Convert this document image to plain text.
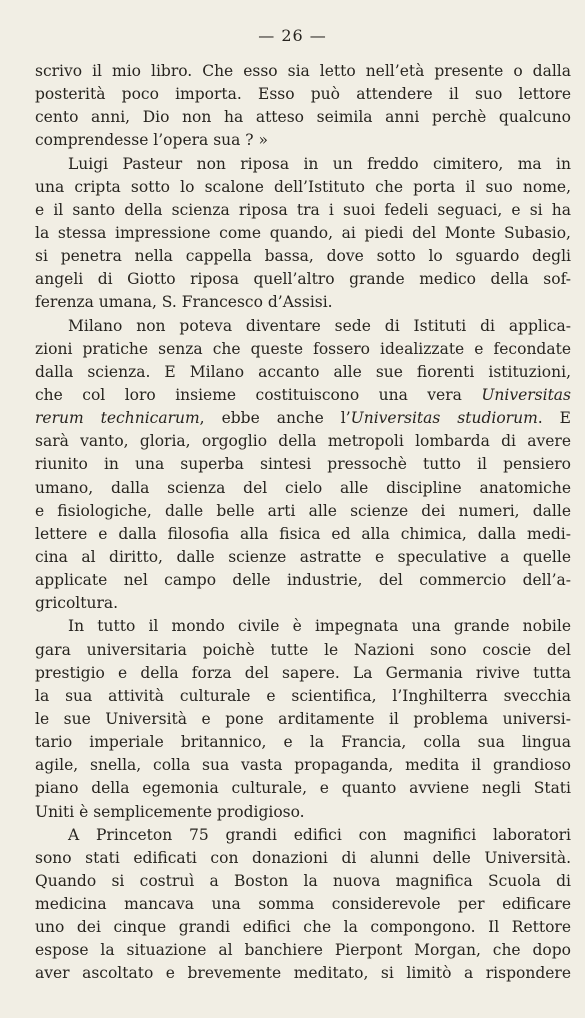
— 26 —
scrivo il mio libro. Che esso sia letto nell’età presente o dalla
posterità poco importa. Esso può attendere il suo lettore
cento anni, Dio non ha atteso seimila anni perchè qualcuno
comprendesse l’opera sua ? »
Luigi Pasteur non riposa in un freddo cimitero, ma in
una cripta sotto lo scalone dell’Istituto che porta il suo nome,
e il santo della scienza riposa tra i suoi fedeli seguaci, e si ha
la stessa impressione come quando, ai piedi del Monte Subasio,
si penetra nella cappella bassa, dove sotto lo sguardo degli
angeli di Giotto riposa quell’altro grande medico della sof-
ferenza umana, S. Francesco d’Assisi.
Milano non poteva diventare sede di Istituti di applica-
zioni pratiche senza che queste fossero idealizzate e fecondate
dalla scienza. E Milano accanto alle sue fiorenti istituzioni,
che col loro insieme costituiscono una vera Universitas
rerum technicarum, ebbe anche l’Universitas studiorum. E
sarà vanto, gloria, orgoglio della metropoli lombarda di avere
riunito in una superba sintesi pressochè tutto il pensiero
umano, dalla scienza del cielo alle discipline anatomiche
e fisiologiche, dalle belle arti alle scienze dei numeri, dalle
lettere e dalla filosofia alla fisica ed alla chimica, dalla medi-
cina al diritto, dalle scienze astratte e speculative a quelle
applicate nel campo delle industrie, del commercio dell’a-
gricoltura.
In tutto il mondo civile è impegnata una grande nobile
gara universitaria poichè tutte le Nazioni sono coscie del
prestigio e della forza del sapere. La Germania rivive tutta
la sua attività culturale e scientifica, l’Inghilterra svecchia
le sue Università e pone arditamente il problema universi-
tario imperiale britannico, e la Francia, colla sua lingua
agile, snella, colla sua vasta propaganda, medita il grandioso
piano della egemonia culturale, e quanto avviene negli Stati
Uniti è semplicemente prodigioso.
A Princeton 75 grandi edifici con magnifici laboratori
sono stati edificati con donazioni di alunni delle Università.
Quando si costruì a Boston la nuova magnifica Scuola di
medicina mancava una somma considerevole per edificare
uno dei cinque grandi edifici che la compongono. Il Rettore
espose la situazione al banchiere Pierpont Morgan, che dopo
aver ascoltato e brevemente meditato, si limitò a rispondere
